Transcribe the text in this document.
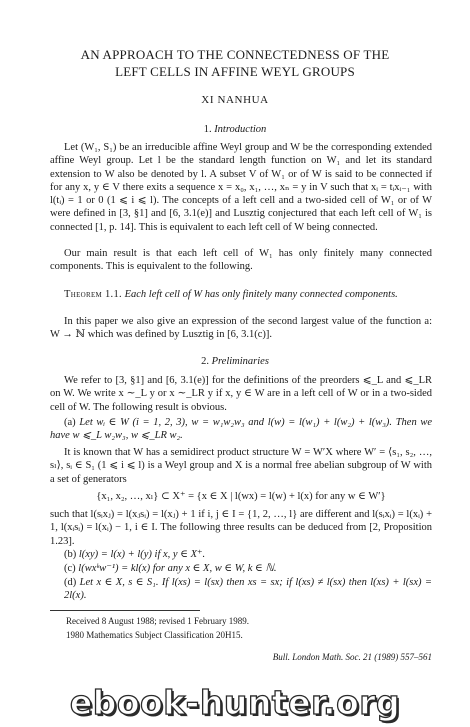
AN APPROACH TO THE CONNECTEDNESS OF THE
LEFT CELLS IN AFFINE WEYL GROUPS
XI NANHUA
1. Introduction

Let (W₁, S₁) be an irreducible affine Weyl group and W be the corresponding extended affine Weyl group. Let l be the standard length function on W₁ and let its standard extension to W also be denoted by l. A subset V of W₁ or of W is said to be connected if for any x, y ∈ V there exits a sequence x = x₀, x₁, …, xₙ = y in V such that xᵢ = tᵢxᵢ₋₁ with l(tᵢ) = 1 or 0 (1 ⩽ i ⩽ l). The concepts of a left cell and a two-sided cell of W₁ or of W were defined in [3, §1] and [6, 3.1(e)] and Lusztig conjectured that each left cell of W₁ is connected [1, p. 14]. This is equivalent to each left cell of W being connected.

Our main result is that each left cell of W₁ has only finitely many connected components. This is equivalent to the following.

Theorem 1.1. Each left cell of W has only finitely many connected components.

In this paper we also give an expression of the second largest value of the function a: W → ℕ which was defined by Lusztig in [6, 3.1(c)].

2. Preliminaries

We refer to [3, §1] and [6, 3.1(e)] for the definitions of the preorders ⩽_L and ⩽_LR on W. We write x ∼_L y or x ∼_LR y if x, y ∈ W are in a left cell of W or in a two-sided cell of W. The following result is obvious.

(a) Let wᵢ ∈ W (i = 1, 2, 3), w = w₁w₂w₃ and l(w) = l(w₁) + l(w₂) + l(w₃). Then we have w ⩽_L w₂w₃, w ⩽_LR w₂.

It is known that W has a semidirect product structure W = W′X where W′ = ⟨s₁, s₂, …, sₗ⟩, sᵢ ∈ S₁ (1 ⩽ i ⩽ l) is a Weyl group and X is a normal free abelian subgroup of W with a set of generators

{x₁, x₂, …, xₗ} ⊂ X⁺ = {x ∈ X | l(wx) = l(w) + l(x) for any w ∈ W′}

such that l(sᵢxⱼ) = l(xⱼsᵢ) = l(xⱼ) + 1 if i, j ∈ I = {1, 2, …, l} are different and l(sᵢxᵢ) = l(xᵢ) + 1, l(xᵢsᵢ) = l(xᵢ) − 1, i ∈ I. The following three results can be deduced from [2, Proposition 1.23].

(b) l(xy) = l(x) + l(y) if x, y ∈ X⁺.

(c) l(wxᵏw⁻¹) = kl(x) for any x ∈ X, w ∈ W, k ∈ ℕ.

(d) Let x ∈ X, s ∈ S₁. If l(xs) = l(sx) then xs = sx; if l(xs) ≠ l(sx) then l(xs) + l(sx) = 2l(x).

Received 8 August 1988; revised 1 February 1989.
1980 Mathematics Subject Classification 20H15.
Bull. London Math. Soc. 21 (1989) 557–561
ebook-hunter.org
